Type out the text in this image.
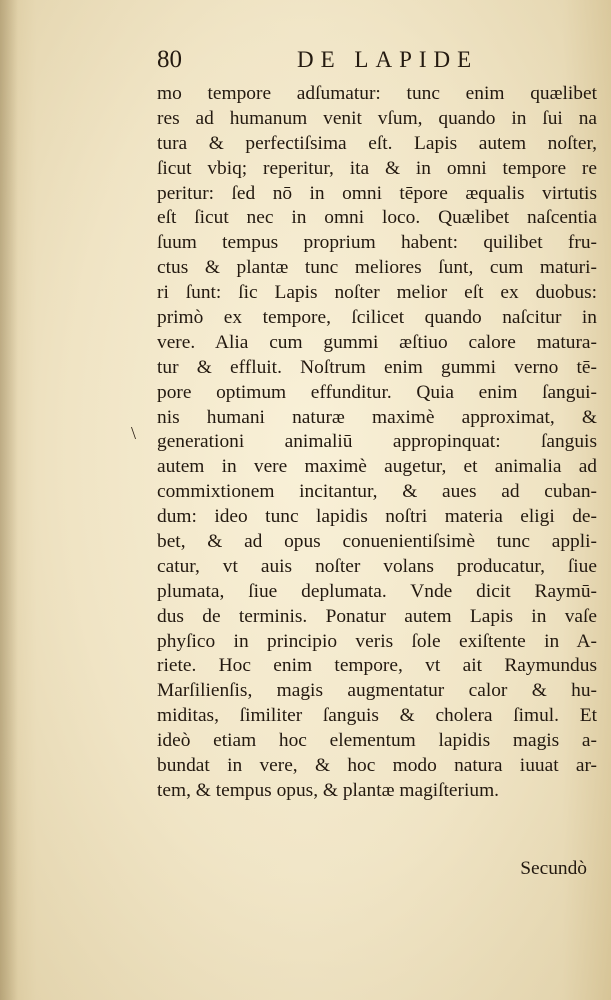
80	DE LAPIDE
\
mo tempore adſumatur: tunc enim quælibet
res ad humanum venit vſum, quando in ſui na
tura & perfectiſsima eſt. Lapis autem noſter,
ſicut vbiq; reperitur, ita & in omni tempore re
peritur: ſed nō in omni tēpore æqualis virtutis
eſt ſicut nec in omni loco. Quælibet naſcentia
ſuum tempus proprium habent: quilibet fru-
ctus & plantæ tunc meliores ſunt, cum maturi-
ri ſunt: ſic Lapis noſter melior eſt ex duobus:
primò ex tempore, ſcilicet quando naſcitur in
vere. Alia cum gummi æſtiuo calore matura-
tur & effluit. Noſtrum enim gummi verno tē-
pore optimum effunditur. Quia enim ſangui-
nis humani naturæ maximè approximat, &
generationi animaliū appropinquat: ſanguis
autem in vere maximè augetur, et animalia ad
commixtionem incitantur, & aues ad cuban-
dum: ideo tunc lapidis noſtri materia eligi de-
bet, & ad opus conuenientiſsimè tunc appli-
catur, vt auis noſter volans producatur, ſiue
plumata, ſiue deplumata. Vnde dicit Raymū-
dus de terminis. Ponatur autem Lapis in vaſe
phyſico in principio veris ſole exiſtente in A-
riete. Hoc enim tempore, vt ait Raymundus
Marſilienſis, magis augmentatur calor & hu-
miditas, ſimiliter ſanguis & cholera ſimul. Et
ideò etiam hoc elementum lapidis magis a-
bundat in vere, & hoc modo natura iuuat ar-
tem, & tempus opus, & plantæ magiſterium.
Secundò
